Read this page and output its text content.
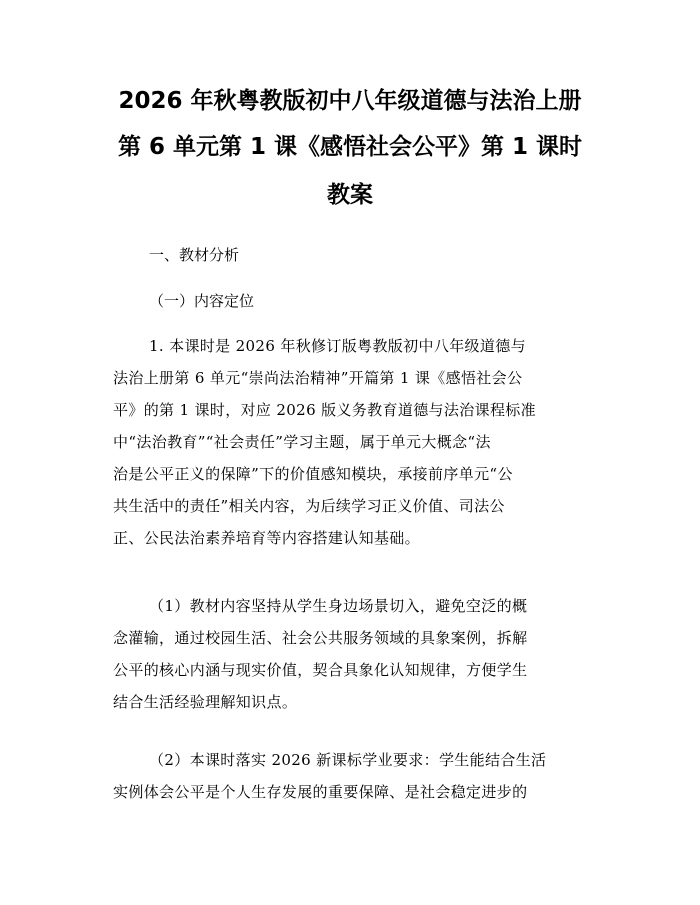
2026 年秋粤教版初中八年级道德与法治上册
第 6 单元第 1 课《感悟社会公平》第 1 课时
教案
一、教材分析
（一）内容定位
1. 本课时是 2026 年秋修订版粤教版初中八年级道德与
法治上册第 6 单元“崇尚法治精神”开篇第 1 课《感悟社会公
平》的第 1 课时，对应 2026 版义务教育道德与法治课程标准
中“法治教育”“社会责任”学习主题，属于单元大概念“法
治是公平正义的保障”下的价值感知模块，承接前序单元“公
共生活中的责任”相关内容，为后续学习正义价值、司法公
正、公民法治素养培育等内容搭建认知基础。
（1）教材内容坚持从学生身边场景切入，避免空泛的概
念灌输，通过校园生活、社会公共服务领域的具象案例，拆解
公平的核心内涵与现实价值，契合具象化认知规律，方便学生
结合生活经验理解知识点。
（2）本课时落实 2026 新课标学业要求：学生能结合生活
实例体会公平是个人生存发展的重要保障、是社会稳定进步的
